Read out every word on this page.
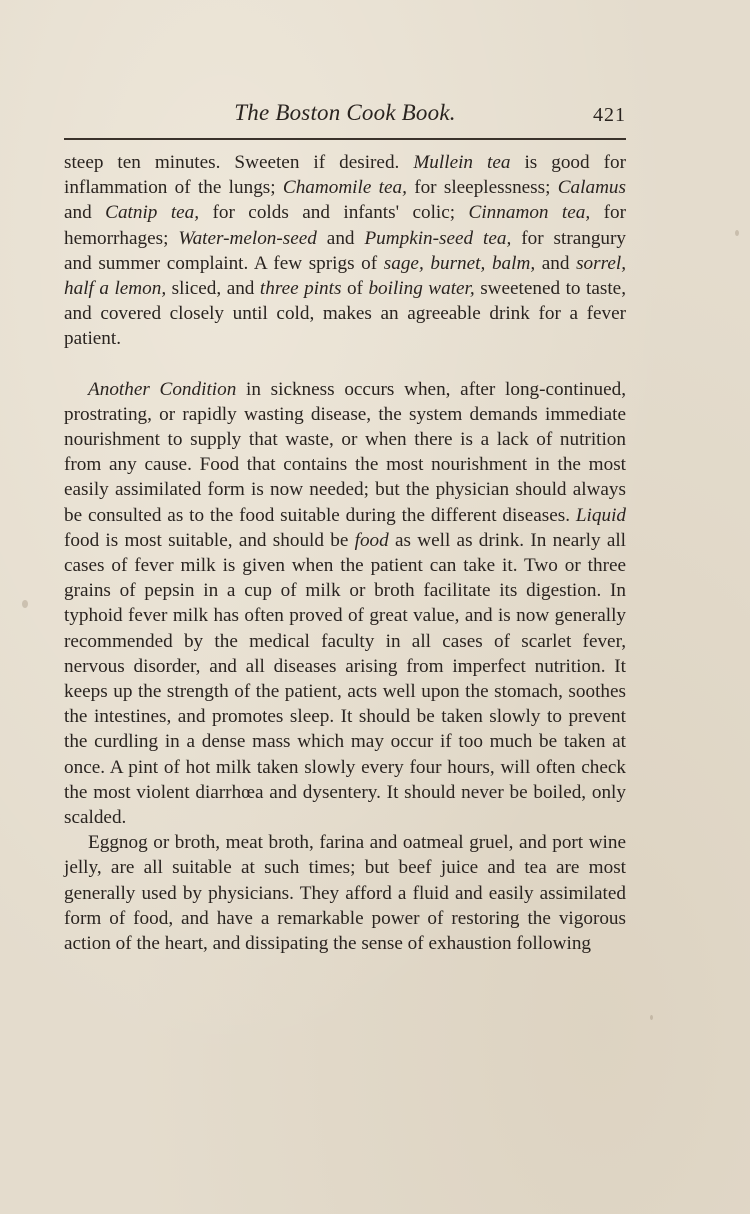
The Boston Cook Book.	421

steep ten minutes. Sweeten if desired. Mullein tea is good for inflammation of the lungs; Chamomile tea, for sleeplessness; Calamus and Catnip tea, for colds and infants' colic; Cinnamon tea, for hemorrhages; Water-melon-seed and Pumpkin-seed tea, for strangury and summer complaint. A few sprigs of sage, burnet, balm, and sorrel, half a lemon, sliced, and three pints of boiling water, sweetened to taste, and covered closely until cold, makes an agreeable drink for a fever patient.

Another Condition in sickness occurs when, after long-continued, prostrating, or rapidly wasting disease, the system demands immediate nourishment to supply that waste, or when there is a lack of nutrition from any cause. Food that contains the most nourishment in the most easily assimilated form is now needed; but the physician should always be consulted as to the food suitable during the different diseases. Liquid food is most suitable, and should be food as well as drink. In nearly all cases of fever milk is given when the patient can take it. Two or three grains of pepsin in a cup of milk or broth facilitate its digestion. In typhoid fever milk has often proved of great value, and is now generally recommended by the medical faculty in all cases of scarlet fever, nervous disorder, and all diseases arising from imperfect nutrition. It keeps up the strength of the patient, acts well upon the stomach, soothes the intestines, and promotes sleep. It should be taken slowly to prevent the curdling in a dense mass which may occur if too much be taken at once. A pint of hot milk taken slowly every four hours, will often check the most violent diarrhœa and dysentery. It should never be boiled, only scalded.

Eggnog or broth, meat broth, farina and oatmeal gruel, and port wine jelly, are all suitable at such times; but beef juice and tea are most generally used by physicians. They afford a fluid and easily assimilated form of food, and have a remarkable power of restoring the vigorous action of the heart, and dissipating the sense of exhaustion following
